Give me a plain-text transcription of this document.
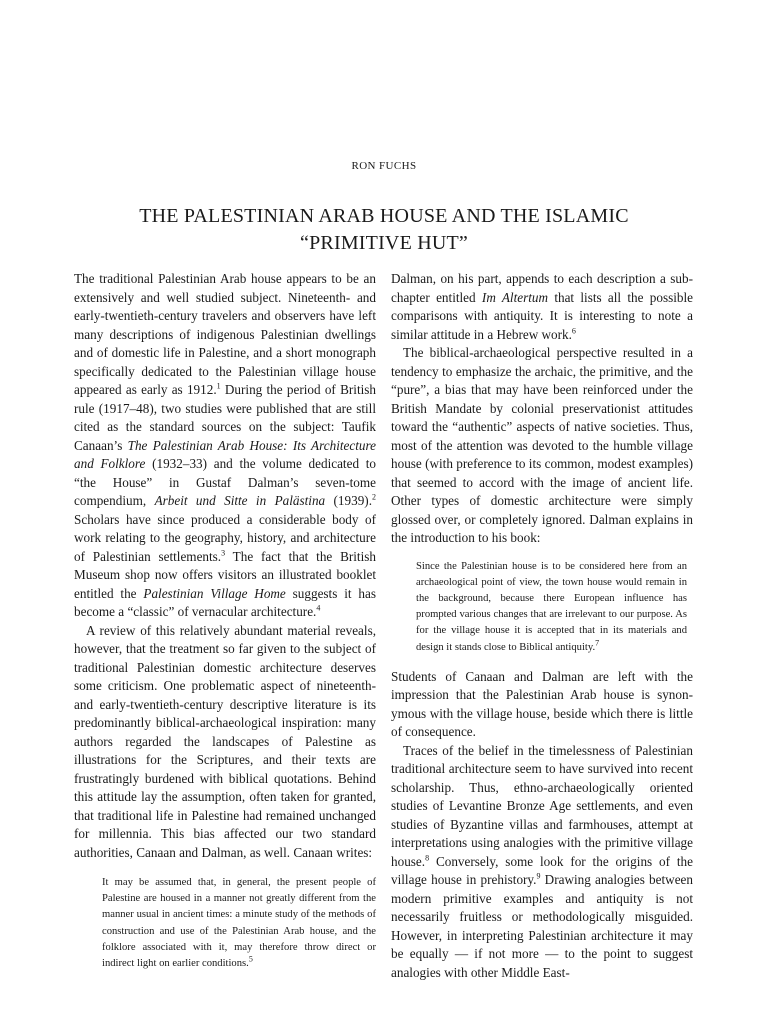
RON FUCHS
THE PALESTINIAN ARAB HOUSE AND THE ISLAMIC
“PRIMITIVE HUT”

The traditional Palestinian Arab house appears to be an extensively and well studied subject. Nineteenth- and early-twentieth-century travelers and observers have left many descriptions of indigenous Palestinian dwellings and of domestic life in Palestine, and a short monograph specifically dedicated to the Palestinian village house appeared as early as 1912.$^1$ During the period of British rule (1917–48), two studies were published that are still cited as the standard sources on the subject: Taufik Canaan’s The Palestinian Arab House: Its Architecture and Folklore (1932–33) and the volume dedicated to “the House” in Gustaf Dalman’s seven-tome compendium, Arbeit und Sitte in Palästina (1939).$^2$ Scholars have since produced a considerable body of work relating to the geography, history, and architecture of Palestinian settlements.$^3$ The fact that the British Museum shop now offers visitors an illustrated booklet entitled the Palestinian Village Home suggests it has become a “classic” of vernacular architecture.$^4$

A review of this relatively abundant material reveals, however, that the treatment so far given to the subject of traditional Palestinian domestic architecture deserves some criticism. One problematic aspect of nineteenth- and early-twentieth-century descriptive literature is its predominantly biblical-archaeological inspiration: many authors regarded the landscapes of Palestine as illustrations for the Scriptures, and their texts are frustratingly burdened with biblical quotations. Behind this attitude lay the assumption, often taken for granted, that traditional life in Palestine had remained unchanged for millennia. This bias affected our two standard authorities, Canaan and Dalman, as well. Canaan writes:

It may be assumed that, in general, the present people of Palestine are housed in a manner not greatly different from the manner usual in ancient times: a minute study of the methods of construction and use of the Palestinian Arab house, and the folklore associated with it, may therefore throw direct or indirect light on earlier conditions.$^5$

Dalman, on his part, appends to each description a sub-chapter entitled Im Altertum that lists all the possible comparisons with antiquity. It is interesting to note a similar attitude in a Hebrew work.$^6$

The biblical-archaeological perspective resulted in a tendency to emphasize the archaic, the primitive, and the “pure”, a bias that may have been reinforced under the British Mandate by colonial preservationist attitudes toward the “authentic” aspects of native societies. Thus, most of the attention was devoted to the humble village house (with preference to its common, modest examples) that seemed to accord with the image of ancient life. Other types of domestic architecture were simply glossed over, or completely ignored. Dalman explains in the introduction to his book:

Since the Palestinian house is to be considered here from an archaeological point of view, the town house would remain in the background, because there European influence has prompted various changes that are irrelevant to our purpose. As for the village house it is accepted that in its materials and design it stands close to Biblical antiquity.$^7$

Students of Canaan and Dalman are left with the impression that the Palestinian Arab house is synonymous with the village house, beside which there is little of consequence.

Traces of the belief in the timelessness of Palestinian traditional architecture seem to have survived into recent scholarship. Thus, ethno-archaeologically oriented studies of Levantine Bronze Age settlements, and even studies of Byzantine villas and farmhouses, attempt at interpretations using analogies with the primitive village house.$^8$ Conversely, some look for the origins of the village house in prehistory.$^9$ Drawing analogies between modern primitive examples and antiquity is not necessarily fruitless or methodologically misguided. However, in interpreting Palestinian architecture it may be equally — if not more — to the point to suggest analogies with other Middle East-
